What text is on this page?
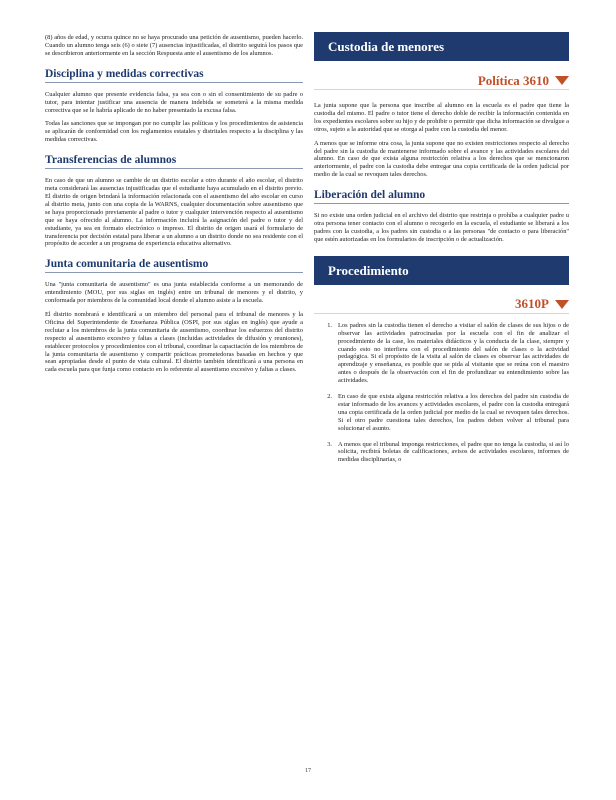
(8) años de edad, y ocurra quince no se haya procurado una petición de ausentismo, pueden hacerlo. Cuando un alumno tenga seis (6) o siete (7) ausencias injustificadas, el distrito seguirá los pasos que se describieron anteriormente en la sección Respuesta ante el ausentismo de los alumnos.

Disciplina y medidas correctivas

Cualquier alumno que presente evidencia falsa, ya sea con o sin el consentimiento de su padre o tutor, para intentar justificar una ausencia de manera indebida se someterá a la misma medida correctiva que se le habría aplicado de no haber presentado la excusa falsa.

Todas las sanciones que se impongan por no cumplir las políticas y los procedimientos de asistencia se aplicarán de conformidad con los reglamentos estatales y distritales respecto a la disciplina y las medidas correctivas.

Transferencias de alumnos

En caso de que un alumno se cambie de un distrito escolar a otro durante el año escolar, el distrito meta considerará las ausencias injustificadas que el estudiante haya acumulado en el distrito previo. El distrito de origen brindará la información relacionada con el ausentismo del año escolar en curso al distrito meta, junto con una copia de la WARNS, cualquier documentación sobre ausentismo que se haya proporcionado previamente al padre o tutor y cualquier intervención respecto al ausentismo que se haya ofrecido al alumno. La información incluirá la asignación del padre o tutor y del estudiante, ya sea en formato electrónico o impreso. El distrito de origen usará el formulario de transferencia por decisión estatal para liberar a un alumno a un distrito donde no sea residente con el propósito de acceder a un programa de experiencia educativa alternativo.

Junta comunitaria de ausentismo

Una "junta comunitaria de ausentismo" es una junta establecida conforme a un memorando de entendimiento (MOU, por sus siglas en inglés) entre un tribunal de menores y el distrito, y conformada por miembros de la comunidad local donde el alumno asiste a la escuela.

El distrito nombrará e identificará a un miembro del personal para el tribunal de menores y la Oficina del Superintendente de Enseñanza Pública (OSPI, por sus siglas en inglés) que ayude a reclutar a los miembros de la junta comunitaria de ausentismo, coordinar los esfuerzos del distrito respecto al ausentismo excesivo y faltas a clases (incluidas actividades de difusión y reuniones), establecer protocolos y procedimientos con el tribunal, coordinar la capacitación de los miembros de la junta comunitaria de ausentismo y compartir prácticas prometedoras basadas en hechos y que sean apropiadas desde el punto de vista cultural. El distrito también identificará a una persona en cada escuela para que funja como contacto en lo referente al ausentismo excesivo y faltas a clases.

Custodia de menores
Política 3610

La junta supone que la persona que inscribe al alumno en la escuela es el padre que tiene la custodia del mismo. El padre o tutor tiene el derecho doble de recibir la información contenida en los expedientes escolares sobre su hijo y de prohibir o permitir que dicha información se divulgue a otros, sujeto a la autoridad que se otorga al padre con la custodia del menor.

A menos que se informe otra cosa, la junta supone que no existen restricciones respecto al derecho del padre sin la custodia de mantenerse informado sobre el avance y las actividades escolares del alumno. En caso de que exista alguna restricción relativa a los derechos que se mencionaron anteriormente, el padre con la custodia debe entregar una copia certificada de la orden judicial por medio de la cual se revoquen tales derechos.

Liberación del alumno

Si no existe una orden judicial en el archivo del distrito que restrinja o prohíba a cualquier padre u otra persona tener contacto con el alumno o recogerlo en la escuela, el estudiante se liberará a los padres con la custodia, a los padres sin custodia o a las personas "de contacto o para liberación" que estén autorizadas en los formularios de inscripción o de actualización.

Procedimiento
3610P
1. Los padres sin la custodia tienen el derecho a visitar el salón de clases de sus hijos o de observar las actividades patrocinadas por la escuela con el fin de analizar el procedimiento de la case, los materiales didácticos y la conducta de la clase, siempre y cuando esto no interfiera con el procedimiento del salón de clases o la actividad pedagógica. Si el propósito de la visita al salón de clases es observar las actividades de aprendizaje y enseñanza, es posible que se pida al visitante que se reúna con el maestro antes o después de la observación con el fin de profundizar su entendimiento sobre las actividades.
2. En caso de que exista alguna restricción relativa a los derechos del padre sin custodia de estar informado de los avances y actividades escolares, el padre con la custodia entregará una copia certificada de la orden judicial por medio de la cual se revoquen tales derechos. Si el otro padre cuestiona tales derechos, los padres deben volver al tribunal para solucionar el asunto.
3. A menos que el tribunal imponga restricciones, el padre que no tenga la custodia, si así lo solicita, recibirá boletas de calificaciones, avisos de actividades escolares, informes de medidas disciplinarias, o
17
